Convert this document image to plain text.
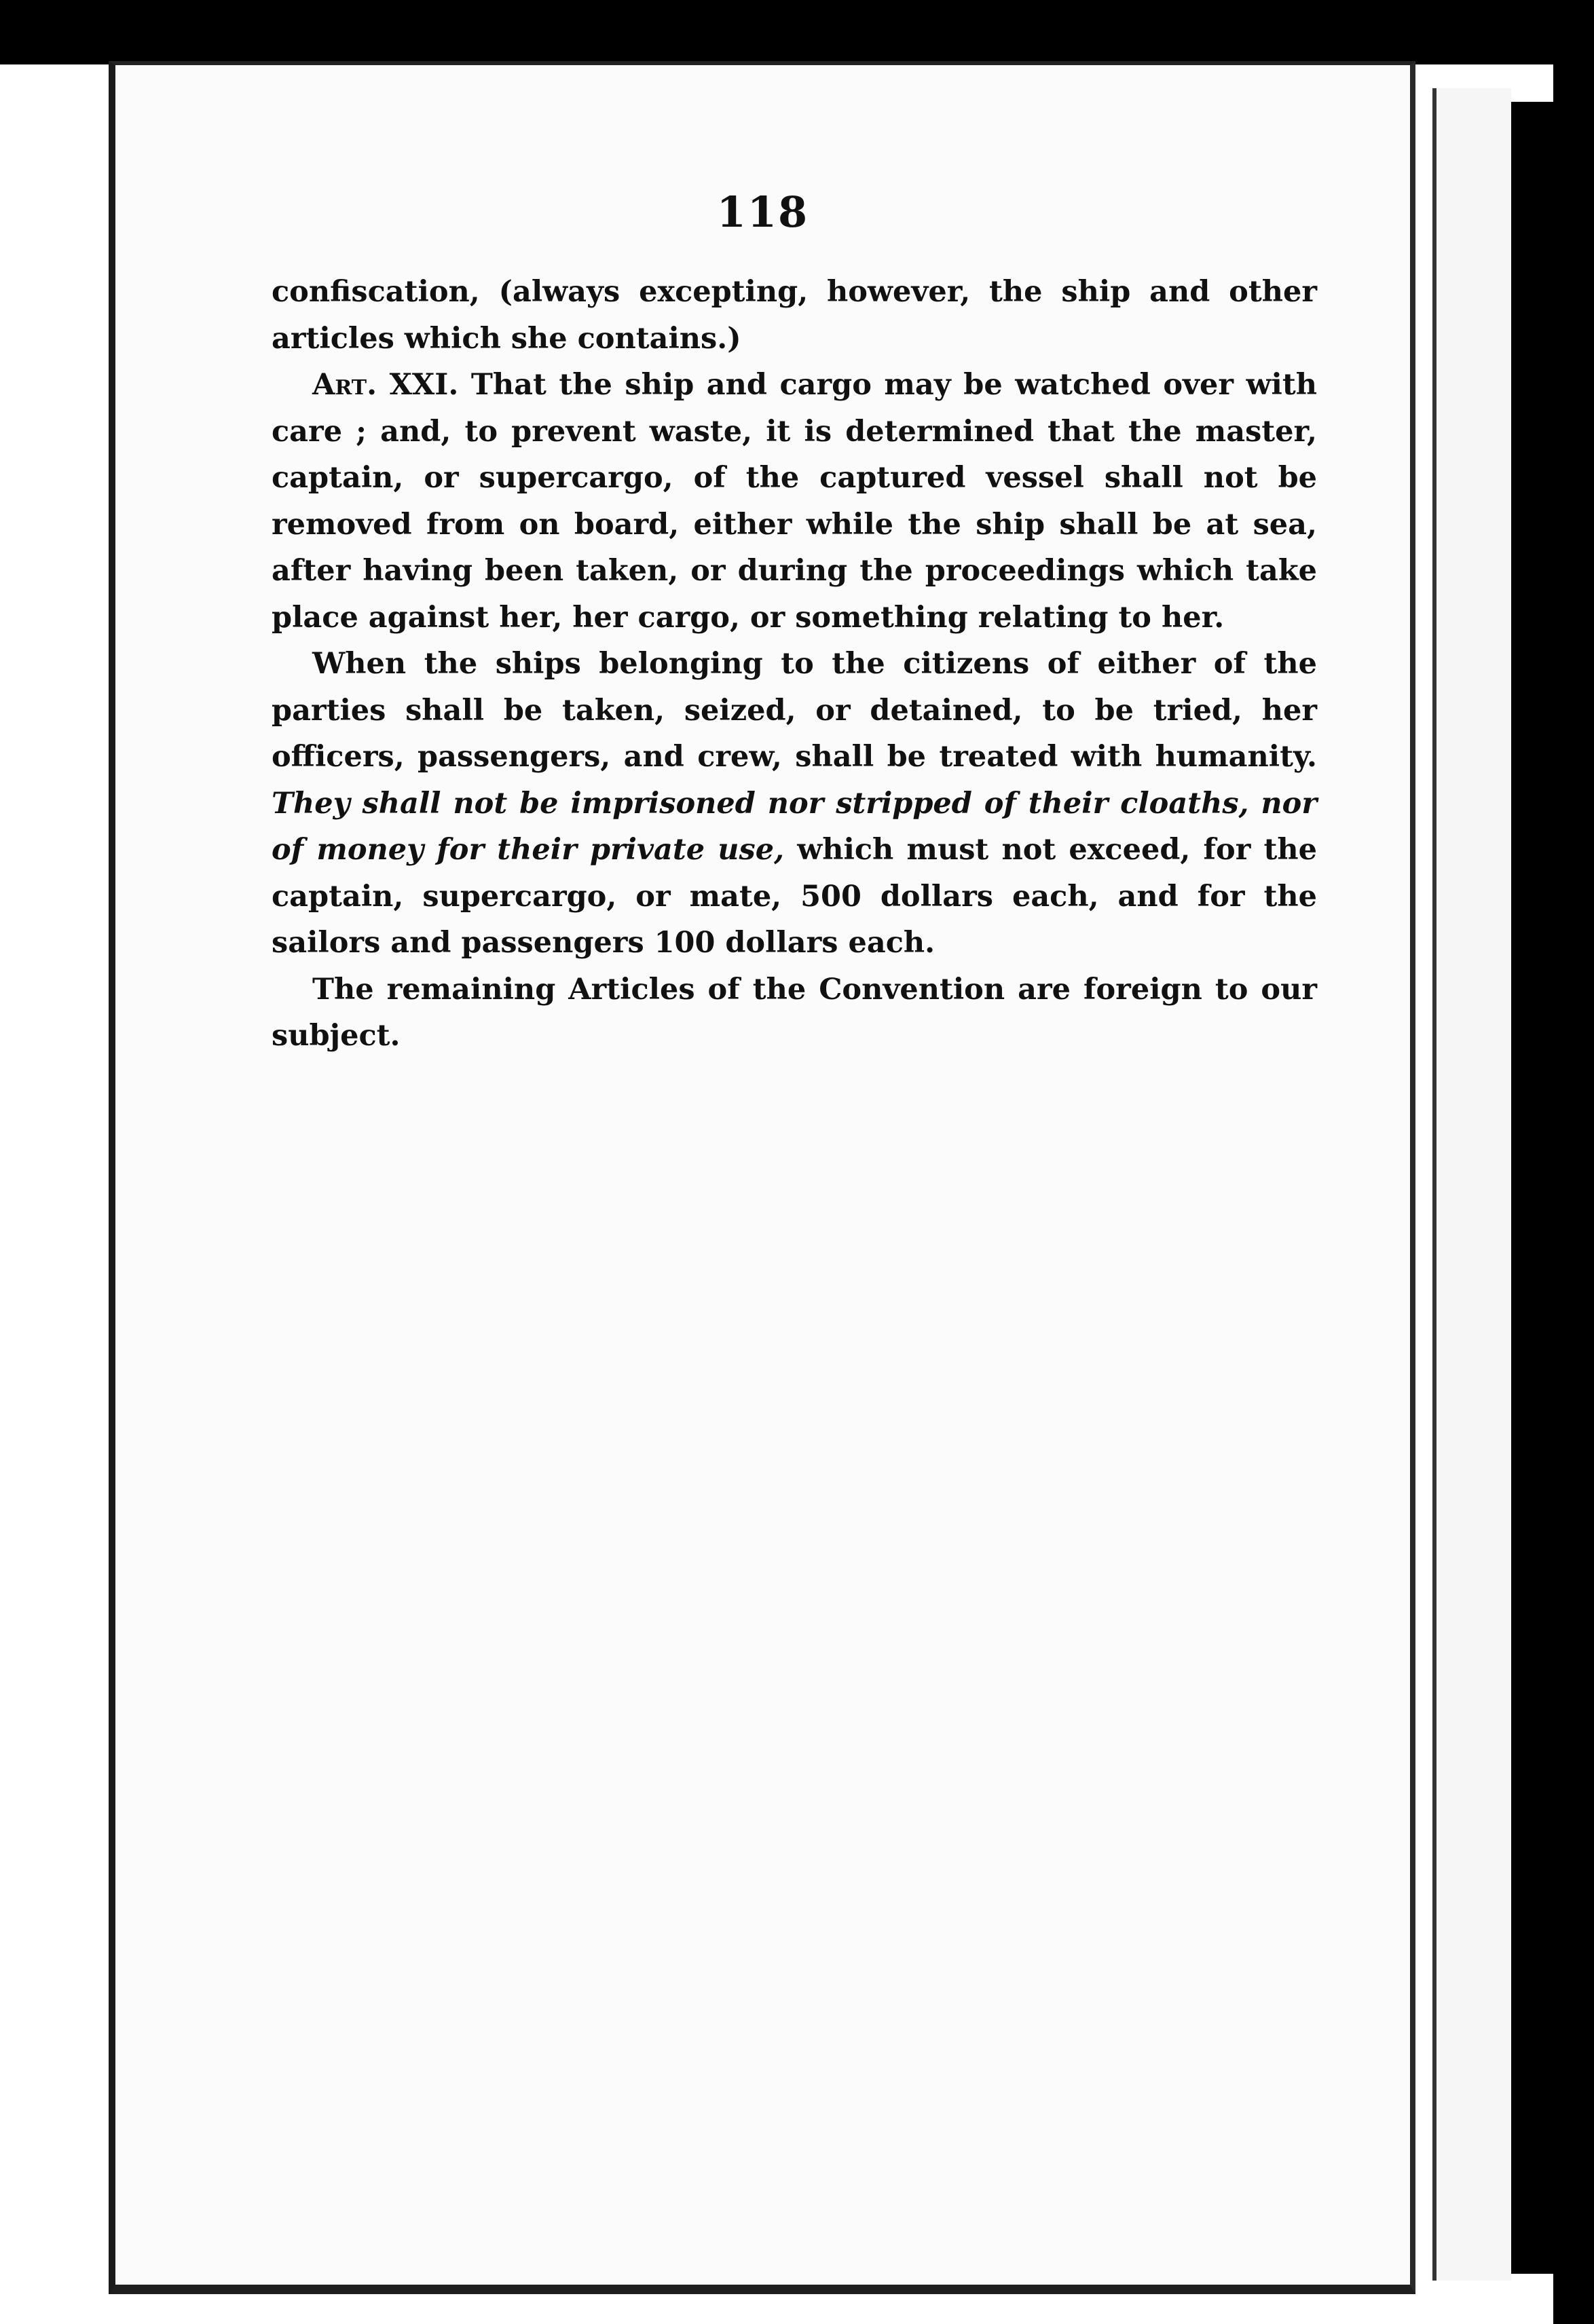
118

confiscation, (always excepting, however, the ship and other articles which she contains.)

Art. XXI. That the ship and cargo may be watched over with care ; and, to prevent waste, it is determined that the master, captain, or supercargo, of the captured vessel shall not be removed from on board, either while the ship shall be at sea, after having been taken, or during the proceedings which take place against her, her cargo, or something relating to her.

When the ships belonging to the citizens of either of the parties shall be taken, seized, or detained, to be tried, her officers, passengers, and crew, shall be treated with humanity. They shall not be imprisoned nor stripped of their cloaths, nor of money for their private use, which must not exceed, for the captain, supercargo, or mate, 500 dollars each, and for the sailors and passengers 100 dollars each.

The remaining Articles of the Convention are foreign to our subject.
